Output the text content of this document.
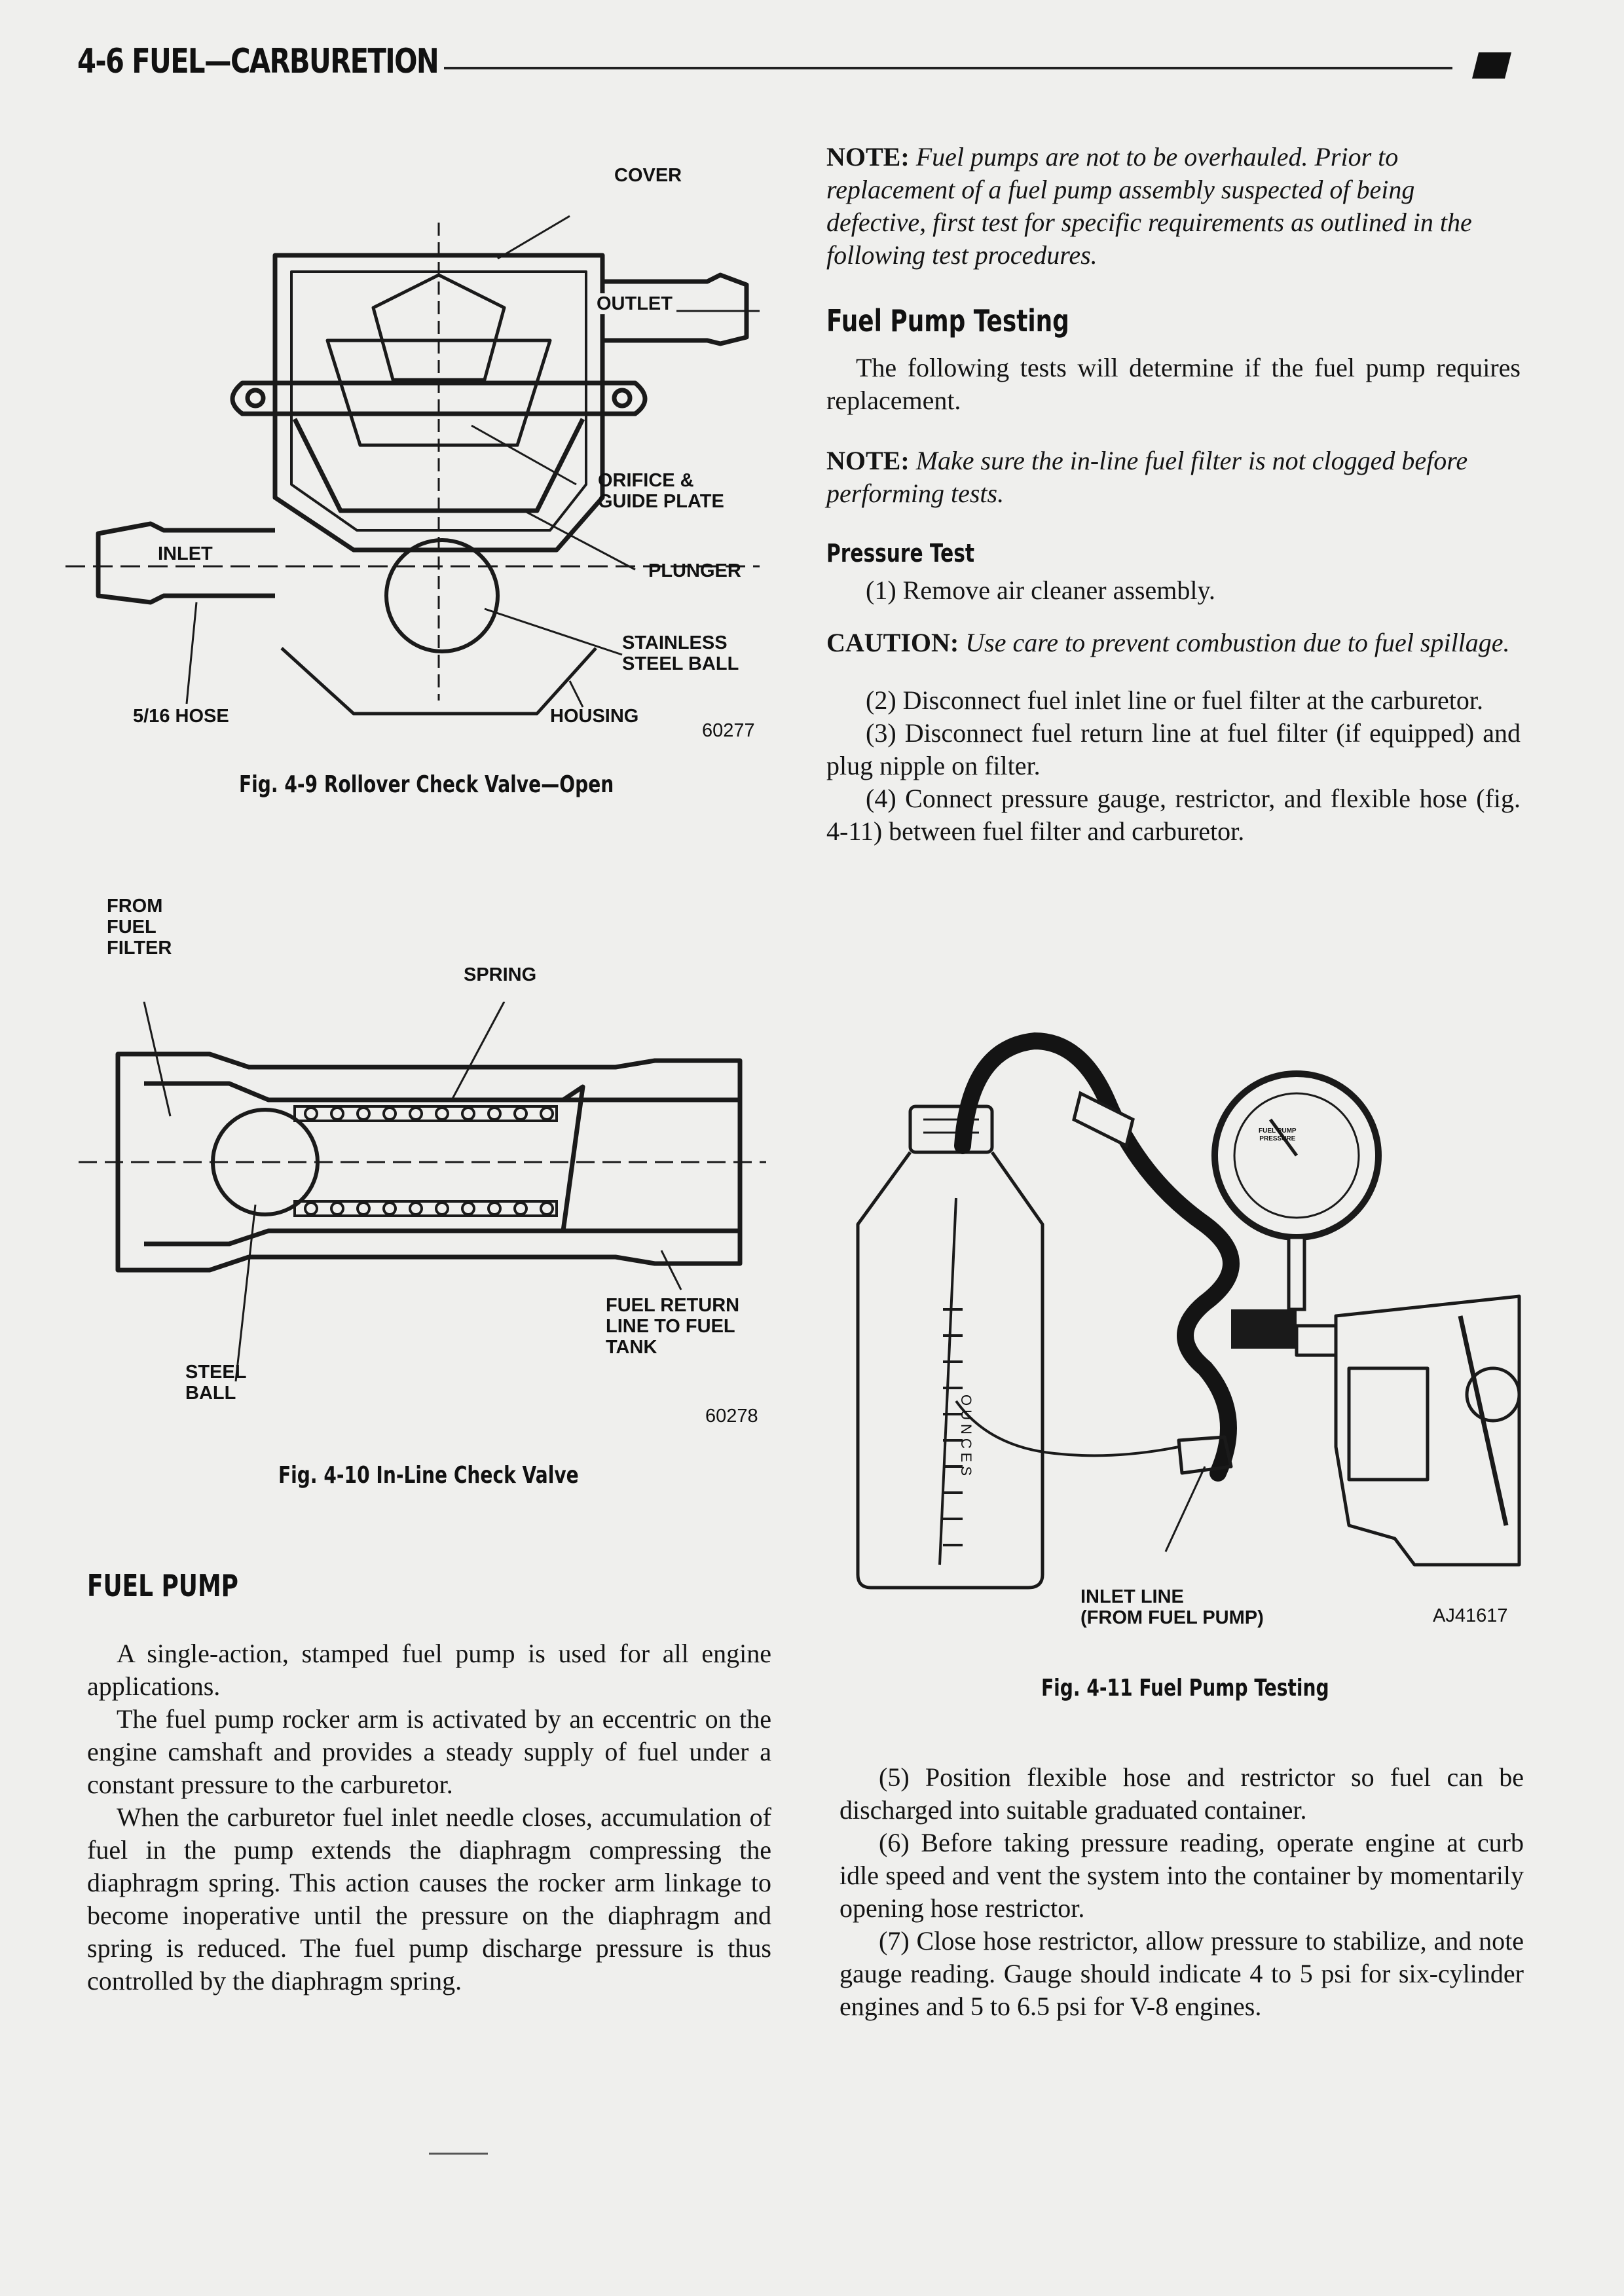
4-6 FUEL—CARBURETION
COVER
OUTLET
ORIFICE &
GUIDE PLATE
INLET
PLUNGER
STAINLESS
STEEL BALL
5/16 HOSE	HOUSING
60277
Fig. 4-9 Rollover Check Valve—Open
FROM
FUEL
FILTER
SPRING
FUEL RETURN
LINE TO FUEL
TANK
STEEL
BALL
60278
Fig. 4-10 In-Line Check Valve
FUEL PUMP

A single-action, stamped fuel pump is used for all engine applications.

The fuel pump rocker arm is activated by an eccentric on the engine camshaft and provides a steady supply of fuel under a constant pressure to the carburetor.

When the carburetor fuel inlet needle closes, accumulation of fuel in the pump extends the diaphragm compressing the diaphragm spring. This action causes the rocker arm linkage to become inoperative until the pressure on the diaphragm and spring is reduced. The fuel pump discharge pressure is thus controlled by the diaphragm spring.

NOTE: Fuel pumps are not to be overhauled. Prior to replacement of a fuel pump assembly suspected of being defective, first test for specific requirements as outlined in the following test procedures.

Fuel Pump Testing

The following tests will determine if the fuel pump requires replacement.

NOTE: Make sure the in-line fuel filter is not clogged before performing tests.

Pressure Test

(1) Remove air cleaner assembly.

CAUTION: Use care to prevent combustion due to fuel spillage.

(2) Disconnect fuel inlet line or fuel filter at the carburetor.

(3) Disconnect fuel return line at fuel filter (if equipped) and plug nipple on filter.

(4) Connect pressure gauge, restrictor, and flexible hose (fig. 4-11) between fuel filter and carburetor.

FUEL PUMP
PRESSURE
OUNCES
INLET LINE
(FROM FUEL PUMP)	AJ41617
Fig. 4-11 Fuel Pump Testing

(5) Position flexible hose and restrictor so fuel can be discharged into suitable graduated container.

(6) Before taking pressure reading, operate engine at curb idle speed and vent the system into the container by momentarily opening hose restrictor.

(7) Close hose restrictor, allow pressure to stabilize, and note gauge reading. Gauge should indicate 4 to 5 psi for six-cylinder engines and 5 to 6.5 psi for V-8 engines.
